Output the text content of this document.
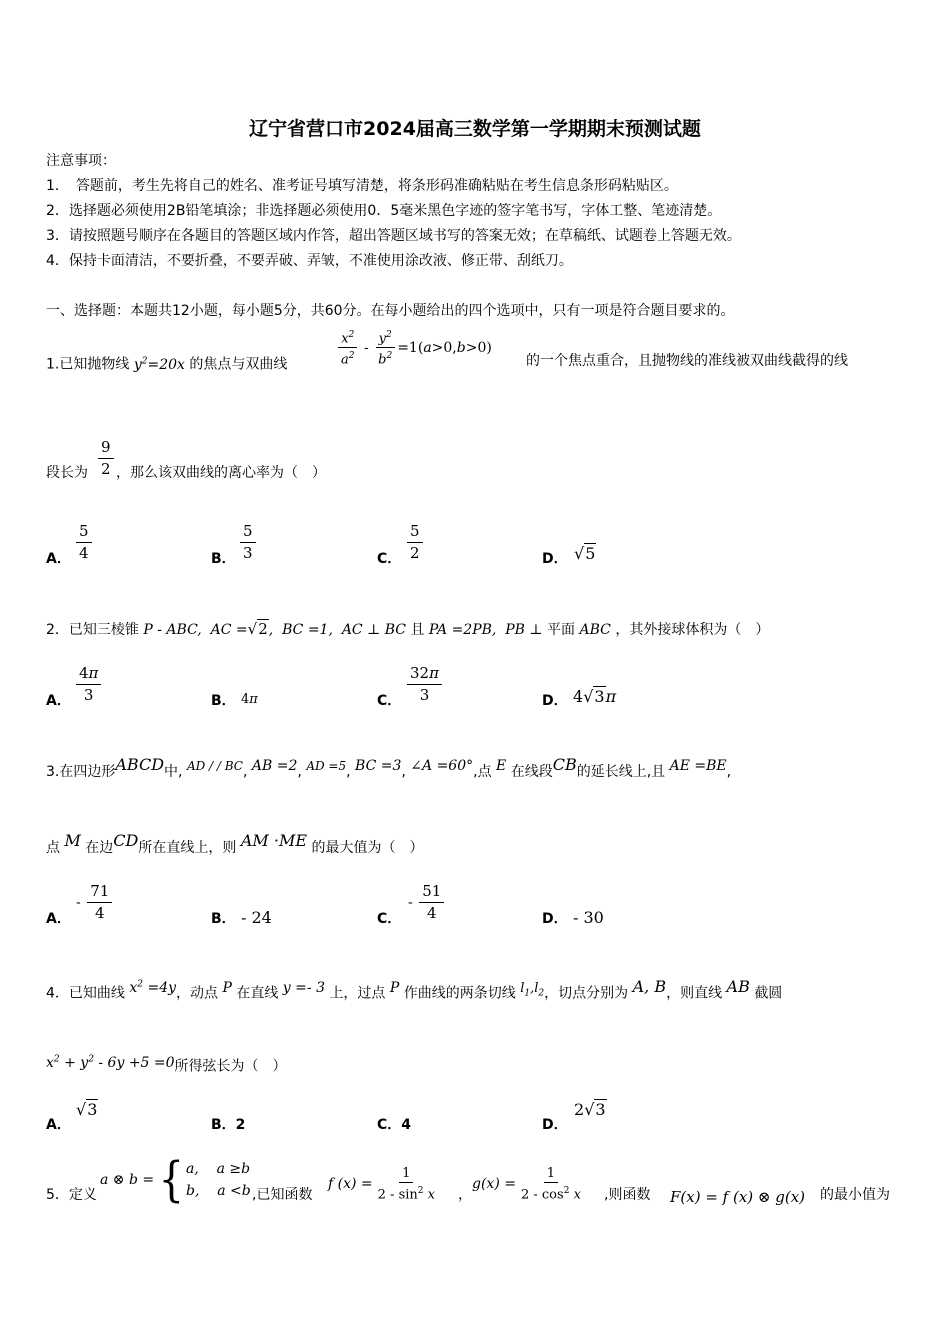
辽宁省营口市2024届高三数学第一学期期末预测试题
注意事项：
1．　答题前，考生先将自己的姓名、准考证号填写清楚，将条形码准确粘贴在考生信息条形码粘贴区。
2．选择题必须使用2B铅笔填涂；非选择题必须使用0．5毫米黑色字迹的签字笔书写，字体工整、笔迹清楚。
3．请按照题号顺序在各题目的答题区域内作答，超出答题区域书写的答案无效；在草稿纸、试题卷上答题无效。
4．保持卡面清洁，不要折叠，不要弄破、弄皱，不准使用涂改液、修正带、刮纸刀。
一、选择题：本题共12小题，每小题5分，共60分。在每小题给出的四个选项中，只有一项是符合题目要求的。
1.已知抛物线 $y^2=20x$ 的焦点与双曲线	$\frac{x^2}{a^2} - \frac{y^2}{b^2} =1(a>0,b>0)$
的一个焦点重合，且抛物线的准线被双曲线截得的线
段长为 $\frac{9}{2}$ ，那么该双曲线的离心率为（　）
A． $\frac{5}{4}$	B． $\frac{5}{3}$	C． $\frac{5}{2}$	D． √5
2．已知三棱锥 P - ABC,  AC =√2,  BC =1,  AC ⊥ BC 且 PA =2PB,  PB ⊥ 平面 ABC ，其外接球体积为（　）
A． $\frac{4\pi}{3}$	B． 4π	C． $\frac{32\pi}{3}$	D． 4√3π
3.在四边形ABCD中, AD / / BC, AB =2, AD =5, BC =3, ∠A =60°,点 E 在线段CB的延长线上,且 AE =BE,
点 M 在边CD所在直线上，则 AM ·ME 的最大值为（　）
A．
- $\frac{71}{4}$	B． - 24	C．
- $\frac{51}{4}$	D． - 30
4．已知曲线 $x^2 =4y$，动点 P 在直线 y =- 3 上，过点 P 作曲线的两条切线 $l_1,l_2$，切点分别为 A, B，则直线 AB 截圆
$x^2 + y^2 - 6y +5 =0$所得弦长为（　）
A．
√3
B．2	C．4	D．
2√3
5．定义
a ⊗ b = { a,    a ≥b
b,    a <b ,已知函数
f $(x) = \frac{1}{2 - \sin^2 x}$ ，
$g(x) = \frac{1}{2 - \cos^2 x}$ ,则函数 F(x) = f (x) ⊗ g(x) 的最小值为
